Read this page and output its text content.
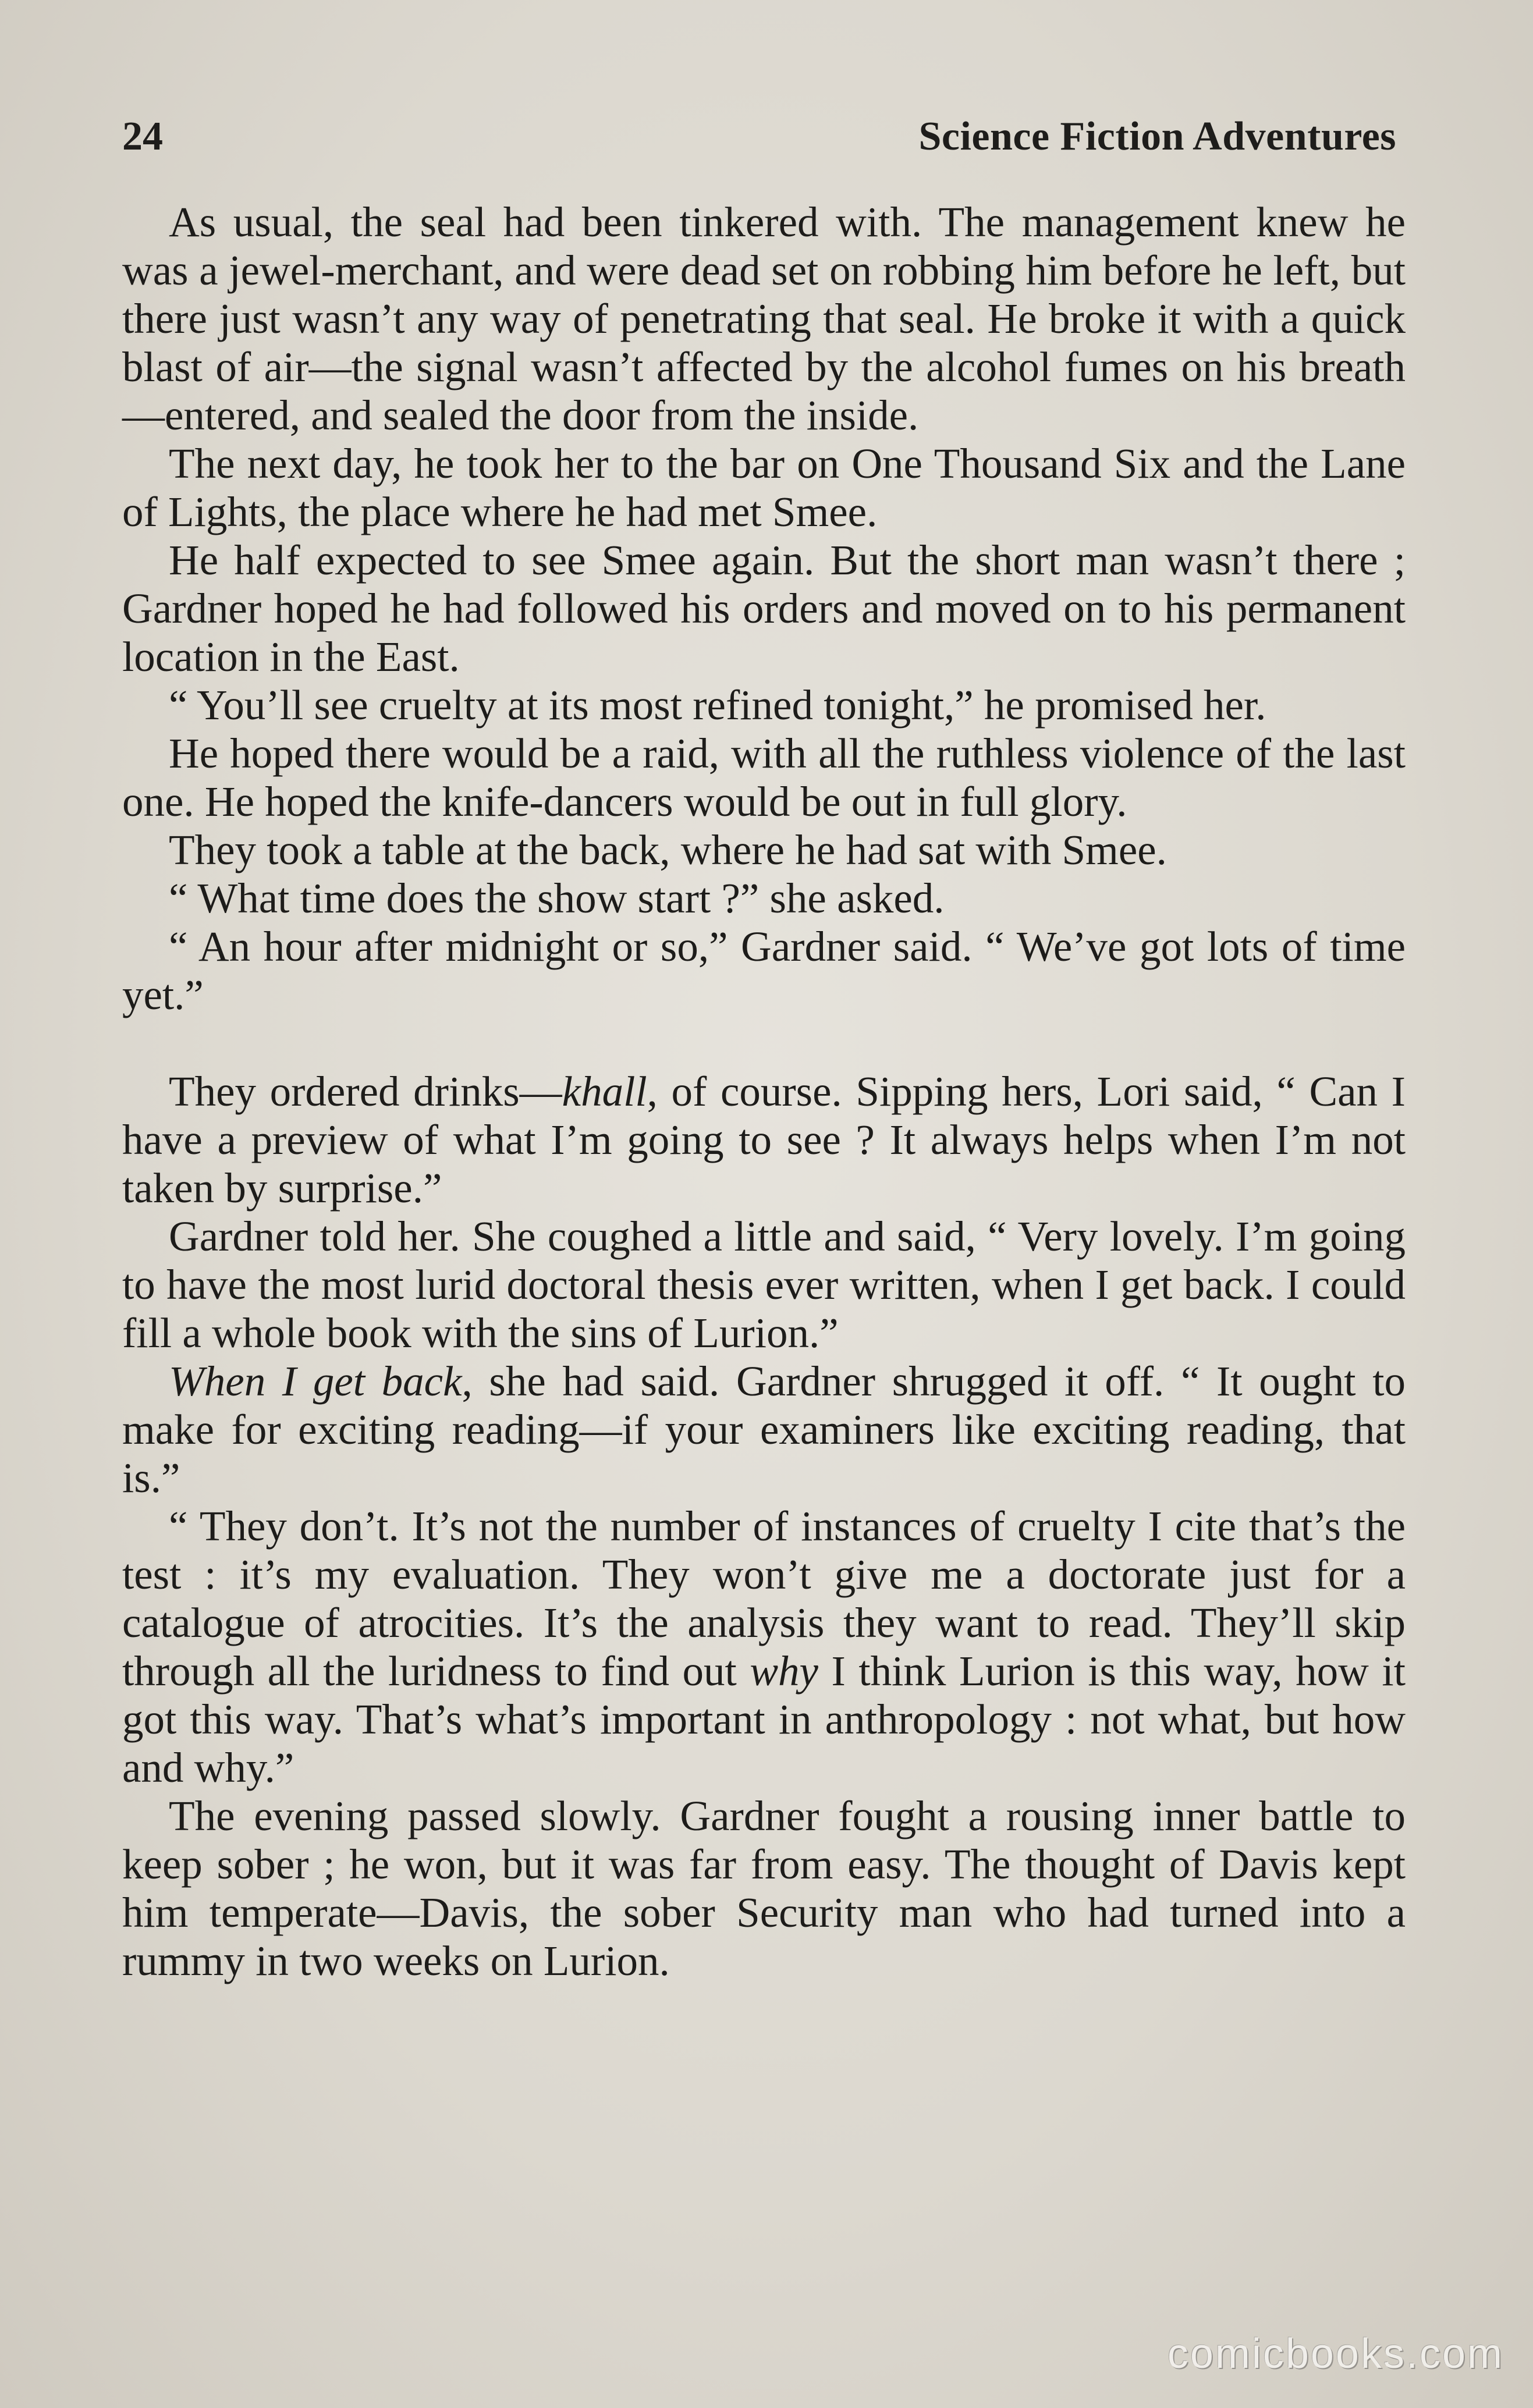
24	Science Fiction Adventures

As usual, the seal had been tinkered with. The management knew he was a jewel-merchant, and were dead set on robbing him before he left, but there just wasn’t any way of penetrating that seal. He broke it with a quick blast of air—the signal wasn’t affected by the alcohol fumes on his breath—entered, and sealed the door from the inside.

The next day, he took her to the bar on One Thousand Six and the Lane of Lights, the place where he had met Smee.

He half expected to see Smee again. But the short man wasn’t there ; Gardner hoped he had followed his orders and moved on to his permanent location in the East.

“ You’ll see cruelty at its most refined tonight,” he promised her.

He hoped there would be a raid, with all the ruthless violence of the last one. He hoped the knife-dancers would be out in full glory.

They took a table at the back, where he had sat with Smee.

“ What time does the show start ?” she asked.

“ An hour after midnight or so,” Gardner said. “ We’ve got lots of time yet.”

They ordered drinks—khall, of course. Sipping hers, Lori said, “ Can I have a preview of what I’m going to see ? It always helps when I’m not taken by surprise.”

Gardner told her. She coughed a little and said, “ Very lovely. I’m going to have the most lurid doctoral thesis ever written, when I get back. I could fill a whole book with the sins of Lurion.”

When I get back, she had said. Gardner shrugged it off. “ It ought to make for exciting reading—if your examiners like exciting reading, that is.”

“ They don’t. It’s not the number of instances of cruelty I cite that’s the test : it’s my evaluation. They won’t give me a doctorate just for a catalogue of atrocities. It’s the analysis they want to read. They’ll skip through all the luridness to find out why I think Lurion is this way, how it got this way. That’s what’s important in anthropology : not what, but how and why.”

The evening passed slowly. Gardner fought a rousing inner battle to keep sober ; he won, but it was far from easy. The thought of Davis kept him temperate—Davis, the sober Security man who had turned into a rummy in two weeks on Lurion.

comicbooks.com
